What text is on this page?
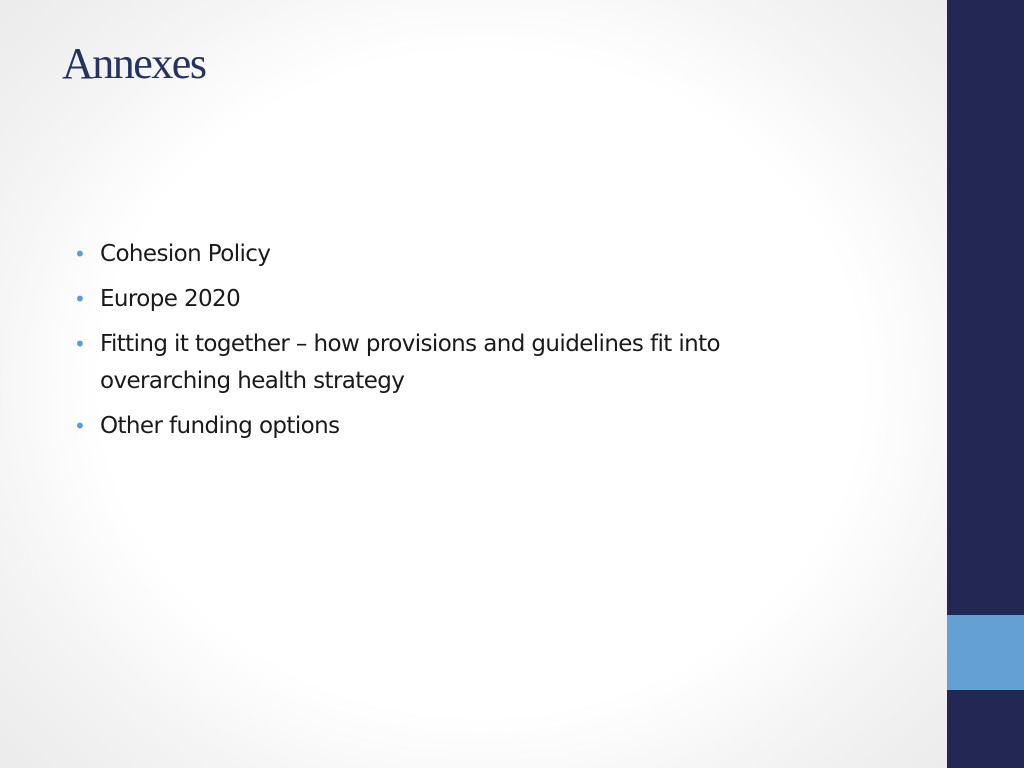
Annexes
• Cohesion Policy
• Europe 2020
• Fitting it together – how provisions and guidelines fit into overarching health strategy
• Other funding options
